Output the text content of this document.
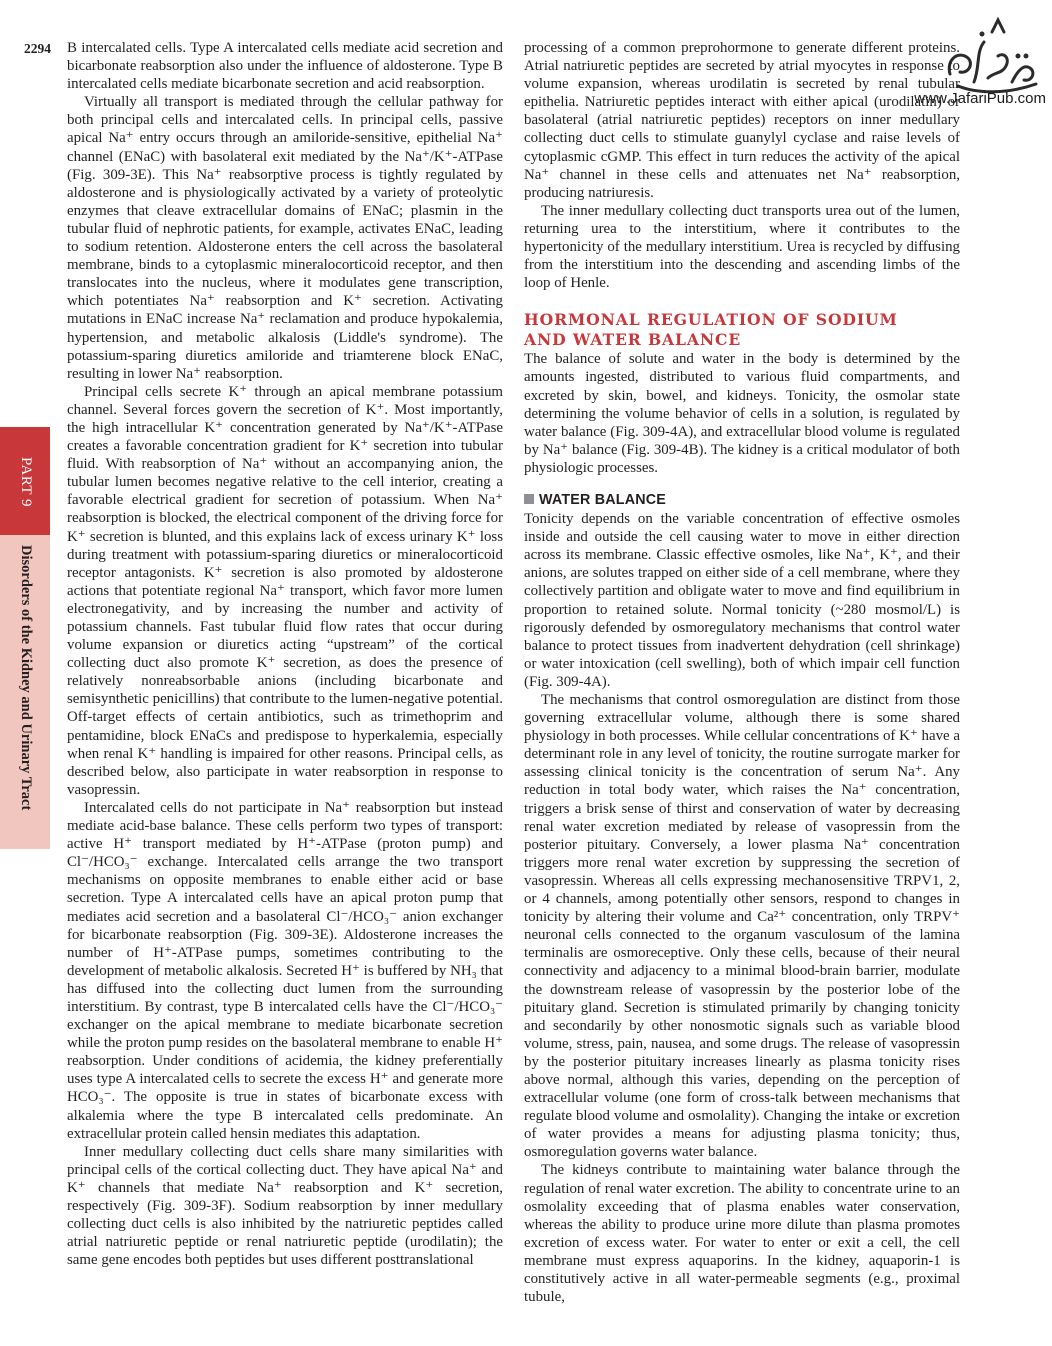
2294
PART 9
Disorders of the Kidney and Urinary Tract
www.JafariPub.com

B intercalated cells. Type A intercalated cells mediate acid secretion and bicarbonate reabsorption also under the influence of aldosterone. Type B intercalated cells mediate bicarbonate secretion and acid reabsorption.

Virtually all transport is mediated through the cellular pathway for both principal cells and intercalated cells. In principal cells, passive apical Na⁺ entry occurs through an amiloride-sensitive, epithelial Na⁺ channel (ENaC) with basolateral exit mediated by the Na⁺/K⁺-ATPase (Fig. 309-3E). This Na⁺ reabsorptive process is tightly regulated by aldosterone and is physiologically activated by a variety of proteolytic enzymes that cleave extracellular domains of ENaC; plasmin in the tubular fluid of nephrotic patients, for example, activates ENaC, leading to sodium retention. Aldosterone enters the cell across the basolateral membrane, binds to a cytoplasmic mineralocorticoid receptor, and then translocates into the nucleus, where it modulates gene transcription, which potentiates Na⁺ reabsorption and K⁺ secretion. Activating mutations in ENaC increase Na⁺ reclamation and produce hypokalemia, hypertension, and metabolic alkalosis (Liddle's syndrome). The potassium-sparing diuretics amiloride and triamterene block ENaC, resulting in lower Na⁺ reabsorption.

Principal cells secrete K⁺ through an apical membrane potassium channel. Several forces govern the secretion of K⁺. Most importantly, the high intracellular K⁺ concentration generated by Na⁺/K⁺-ATPase creates a favorable concentration gradient for K⁺ secretion into tubular fluid. With reabsorption of Na⁺ without an accompanying anion, the tubular lumen becomes negative relative to the cell interior, creating a favorable electrical gradient for secretion of potassium. When Na⁺ reabsorption is blocked, the electrical component of the driving force for K⁺ secretion is blunted, and this explains lack of excess urinary K⁺ loss during treatment with potassium-sparing diuretics or mineralocorticoid receptor antagonists. K⁺ secretion is also promoted by aldosterone actions that potentiate regional Na⁺ transport, which favor more lumen electronegativity, and by increasing the number and activity of potassium channels. Fast tubular fluid flow rates that occur during volume expansion or diuretics acting “upstream” of the cortical collecting duct also promote K⁺ secretion, as does the presence of relatively nonreabsorbable anions (including bicarbonate and semisynthetic penicillins) that contribute to the lumen-negative potential. Off-target effects of certain antibiotics, such as trimethoprim and pentamidine, block ENaCs and predispose to hyperkalemia, especially when renal K⁺ handling is impaired for other reasons. Principal cells, as described below, also participate in water reabsorption in response to vasopressin.

Intercalated cells do not participate in Na⁺ reabsorption but instead mediate acid-base balance. These cells perform two types of transport: active H⁺ transport mediated by H⁺-ATPase (proton pump) and Cl⁻/HCO₃⁻ exchange. Intercalated cells arrange the two transport mechanisms on opposite membranes to enable either acid or base secretion. Type A intercalated cells have an apical proton pump that mediates acid secretion and a basolateral Cl⁻/HCO₃⁻ anion exchanger for bicarbonate reabsorption (Fig. 309-3E). Aldosterone increases the number of H⁺-ATPase pumps, sometimes contributing to the development of metabolic alkalosis. Secreted H⁺ is buffered by NH₃ that has diffused into the collecting duct lumen from the surrounding interstitium. By contrast, type B intercalated cells have the Cl⁻/HCO₃⁻ exchanger on the apical membrane to mediate bicarbonate secretion while the proton pump resides on the basolateral membrane to enable H⁺ reabsorption. Under conditions of acidemia, the kidney preferentially uses type A intercalated cells to secrete the excess H⁺ and generate more HCO₃⁻. The opposite is true in states of bicarbonate excess with alkalemia where the type B intercalated cells predominate. An extracellular protein called hensin mediates this adaptation.

Inner medullary collecting duct cells share many similarities with principal cells of the cortical collecting duct. They have apical Na⁺ and K⁺ channels that mediate Na⁺ reabsorption and K⁺ secretion, respectively (Fig. 309-3F). Sodium reabsorption by inner medullary collecting duct cells is also inhibited by the natriuretic peptides called atrial natriuretic peptide or renal natriuretic peptide (urodilatin); the same gene encodes both peptides but uses different posttranslational

processing of a common preprohormone to generate different proteins. Atrial natriuretic peptides are secreted by atrial myocytes in response to volume expansion, whereas urodilatin is secreted by renal tubular epithelia. Natriuretic peptides interact with either apical (urodilatin) or basolateral (atrial natriuretic peptides) receptors on inner medullary collecting duct cells to stimulate guanylyl cyclase and raise levels of cytoplasmic cGMP. This effect in turn reduces the activity of the apical Na⁺ channel in these cells and attenuates net Na⁺ reabsorption, producing natriuresis.

The inner medullary collecting duct transports urea out of the lumen, returning urea to the interstitium, where it contributes to the hypertonicity of the medullary interstitium. Urea is recycled by diffusing from the interstitium into the descending and ascending limbs of the loop of Henle.

HORMONAL REGULATION OF SODIUM
AND WATER BALANCE

The balance of solute and water in the body is determined by the amounts ingested, distributed to various fluid compartments, and excreted by skin, bowel, and kidneys. Tonicity, the osmolar state determining the volume behavior of cells in a solution, is regulated by water balance (Fig. 309-4A), and extracellular blood volume is regulated by Na⁺ balance (Fig. 309-4B). The kidney is a critical modulator of both physiologic processes.

WATER BALANCE

Tonicity depends on the variable concentration of effective osmoles inside and outside the cell causing water to move in either direction across its membrane. Classic effective osmoles, like Na⁺, K⁺, and their anions, are solutes trapped on either side of a cell membrane, where they collectively partition and obligate water to move and find equilibrium in proportion to retained solute. Normal tonicity (~280 mosmol/L) is rigorously defended by osmoregulatory mechanisms that control water balance to protect tissues from inadvertent dehydration (cell shrinkage) or water intoxication (cell swelling), both of which impair cell function (Fig. 309-4A).

The mechanisms that control osmoregulation are distinct from those governing extracellular volume, although there is some shared physiology in both processes. While cellular concentrations of K⁺ have a determinant role in any level of tonicity, the routine surrogate marker for assessing clinical tonicity is the concentration of serum Na⁺. Any reduction in total body water, which raises the Na⁺ concentration, triggers a brisk sense of thirst and conservation of water by decreasing renal water excretion mediated by release of vasopressin from the posterior pituitary. Conversely, a lower plasma Na⁺ concentration triggers more renal water excretion by suppressing the secretion of vasopressin. Whereas all cells expressing mechanosensitive TRPV1, 2, or 4 channels, among potentially other sensors, respond to changes in tonicity by altering their volume and Ca²⁺ concentration, only TRPV⁺ neuronal cells connected to the organum vasculosum of the lamina terminalis are osmoreceptive. Only these cells, because of their neural connectivity and adjacency to a minimal blood-brain barrier, modulate the downstream release of vasopressin by the posterior lobe of the pituitary gland. Secretion is stimulated primarily by changing tonicity and secondarily by other nonosmotic signals such as variable blood volume, stress, pain, nausea, and some drugs. The release of vasopressin by the posterior pituitary increases linearly as plasma tonicity rises above normal, although this varies, depending on the perception of extracellular volume (one form of cross-talk between mechanisms that regulate blood volume and osmolality). Changing the intake or excretion of water provides a means for adjusting plasma tonicity; thus, osmoregulation governs water balance.

The kidneys contribute to maintaining water balance through the regulation of renal water excretion. The ability to concentrate urine to an osmolality exceeding that of plasma enables water conservation, whereas the ability to produce urine more dilute than plasma promotes excretion of excess water. For water to enter or exit a cell, the cell membrane must express aquaporins. In the kidney, aquaporin-1 is constitutively active in all water-permeable segments (e.g., proximal tubule,
